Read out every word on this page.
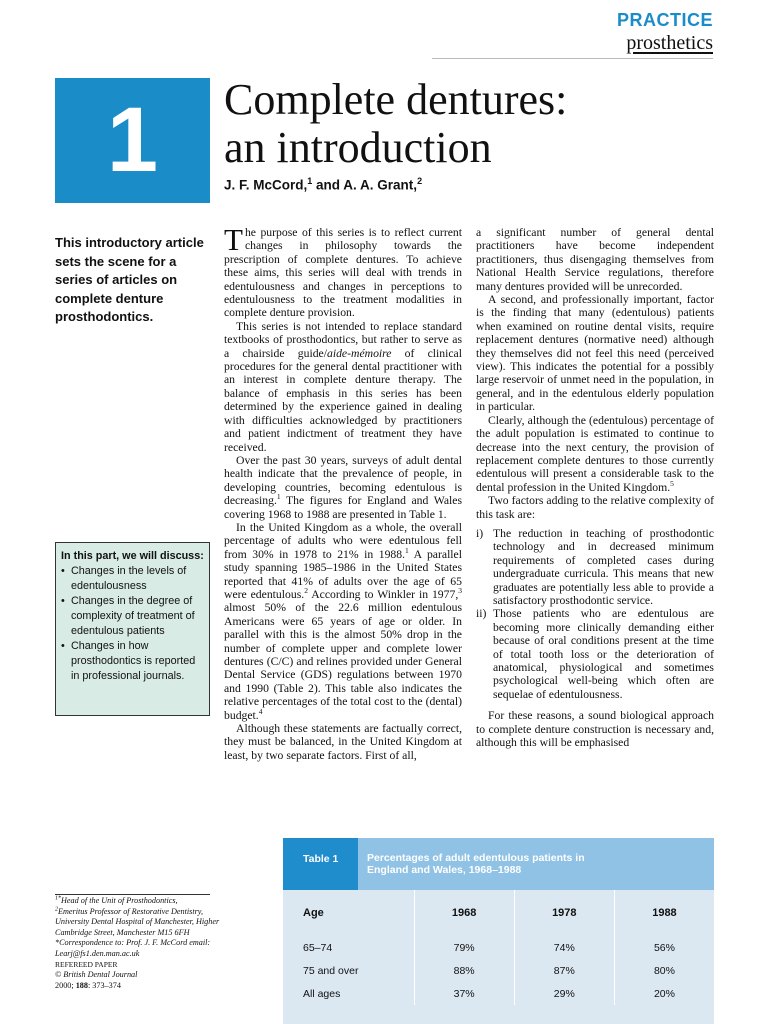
PRACTICE
prosthetics
1 Complete dentures:
an introduction
J. F. McCord,$^1$ and A. A. Grant,$^2$

This introductory article sets the scene for a series of articles on complete denture prosthodontics.

In this part, we will discuss:
• Changes in the levels of edentulousness
• Changes in the degree of complexity of treatment of edentulous patients
• Changes in how prosthodontics is reported in professional journals.

The purpose of this series is to reflect current changes in philosophy towards the prescription of complete dentures. To achieve these aims, this series will deal with trends in edentulousness and changes in perceptions to edentulousness to the treatment modalities in complete denture provision.

This series is not intended to replace standard textbooks of prosthodontics, but rather to serve as a chairside guide/aide-mémoire of clinical procedures for the general dental practitioner with an interest in complete denture therapy. The balance of emphasis in this series has been determined by the experience gained in dealing with difficulties acknowledged by practitioners and patient indictment of treatment they have received.

Over the past 30 years, surveys of adult dental health indicate that the prevalence of people, in developing countries, becoming edentulous is decreasing.$^1$ The figures for England and Wales covering 1968 to 1988 are presented in Table 1.

In the United Kingdom as a whole, the overall percentage of adults who were edentulous fell from 30% in 1978 to 21% in 1988.$^1$ A parallel study spanning 1985–1986 in the United States reported that 41% of adults over the age of 65 were edentulous.$^2$ According to Winkler in 1977,$^3$ almost 50% of the 22.6 million edentulous Americans were 65 years of age or older. In parallel with this is the almost 50% drop in the number of complete upper and complete lower dentures (C/C) and relines provided under General Dental Service (GDS) regulations between 1970 and 1990 (Table 2). This table also indicates the relative percentages of the total cost to the (dental) budget.$^4$

Although these statements are factually correct, they must be balanced, in the United Kingdom at least, by two separate factors. First of all,

a significant number of general dental practitioners have become independent practitioners, thus disengaging themselves from National Health Service regulations, therefore many dentures provided will be unrecorded.

A second, and professionally important, factor is the finding that many (edentulous) patients when examined on routine dental visits, require replacement dentures (normative need) although they themselves did not feel this need (perceived view). This indicates the potential for a possibly large reservoir of unmet need in the population, in general, and in the edentulous elderly population in particular.

Clearly, although the (edentulous) percentage of the adult population is estimated to continue to decrease into the next century, the provision of replacement complete dentures to those currently edentulous will present a considerable task to the dental profession in the United Kingdom.$^5$

Two factors adding to the relative complexity of this task are:

i) The reduction in teaching of prosthodontic technology and in decreased minimum requirements of completed cases during undergraduate curricula. This means that new graduates are potentially less able to provide a satisfactory prosthodontic service.
ii) Those patients who are edentulous are becoming more clinically demanding either because of oral conditions present at the time of total tooth loss or the deterioration of anatomical, physiological and sometimes psychological well-being which often are sequelae of edentulousness.

For these reasons, a sound biological approach to complete denture construction is necessary and, although this will be emphasised

$^{1*}$Head of the Unit of Prosthodontics,
$^2$Emeritus Professor of Restorative Dentistry, University Dental Hospital of Manchester, Higher Cambridge Street, Manchester M15 6FH
*Correspondence to: Prof. J. F. McCord email: Learj@fs1.den.man.ac.uk
REFEREED PAPER
© British Dental Journal
2000; 188: 373–374
Table 1	Percentages of adult edentulous patients in England and Wales, 1968–1988
Age	1968	1978	1988
65–74	79%	74%	56%
75 and over	88%	87%	80%
All ages	37%	29%	20%
